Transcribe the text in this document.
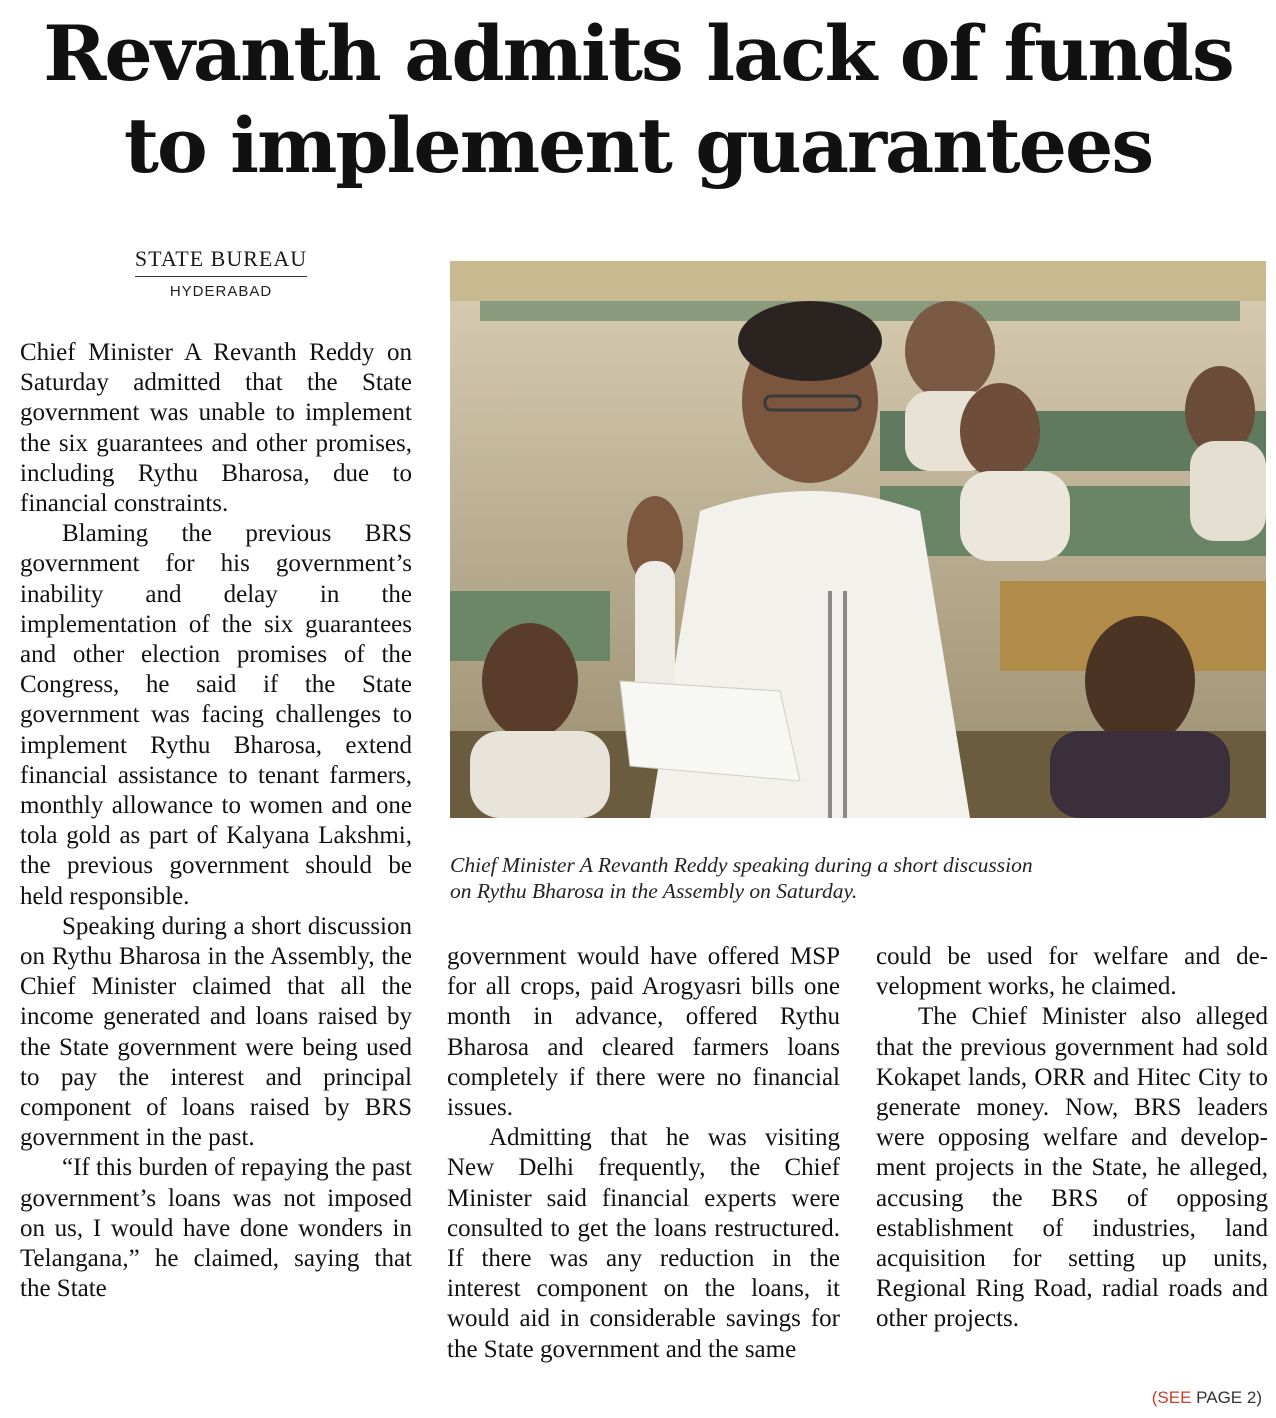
Revanth admits lack of funds
to implement guarantees
STATE BUREAU
HYDERABAD

Chief Minister A Revanth Reddy on Saturday admitted that the State government was unable to implement the six guarantees and other promises, including Rythu Bharosa, due to financial constraints.

Blaming the previous BRS government for his government’s inability and delay in the implementation of the six guarantees and other election promises of the Congress, he said if the State government was facing challenges to implement Rythu Bharosa, extend financial assistance to tenant farmers, monthly allowance to women and one tola gold as part of Kalyana Lakshmi, the previous government should be held responsible.

Speaking during a short discussion on Rythu Bharosa in the Assembly, the Chief Minister claimed that all the income generated and loans raised by the State government were being used to pay the interest and principal component of loans raised by BRS government in the past.

“If this burden of repaying the past government’s loans was not imposed on us, I would have done wonders in Telangana,” he claimed, saying that the State

Chief Minister A Revanth Reddy speaking during a short discussion
on Rythu Bharosa in the Assembly on Saturday.

government would have offered MSP for all crops, paid Arogyasri bills one month in advance, offered Rythu Bharosa and cleared farmers loans completely if there were no financial issues.

Admitting that he was visiting New Delhi frequently, the Chief Minister said financial experts were consulted to get the loans restructured. If there was any reduction in the interest component on the loans, it would aid in considerable savings for the State government and the same

could be used for welfare and development works, he claimed.

The Chief Minister also alleged that the previous government had sold Kokapet lands, ORR and Hitec City to generate money. Now, BRS leaders were opposing welfare and development projects in the State, he alleged, accusing the BRS of opposing establishment of industries, land acquisition for setting up units, Regional Ring Road, radial roads and other projects.

(SEE PAGE 2)
